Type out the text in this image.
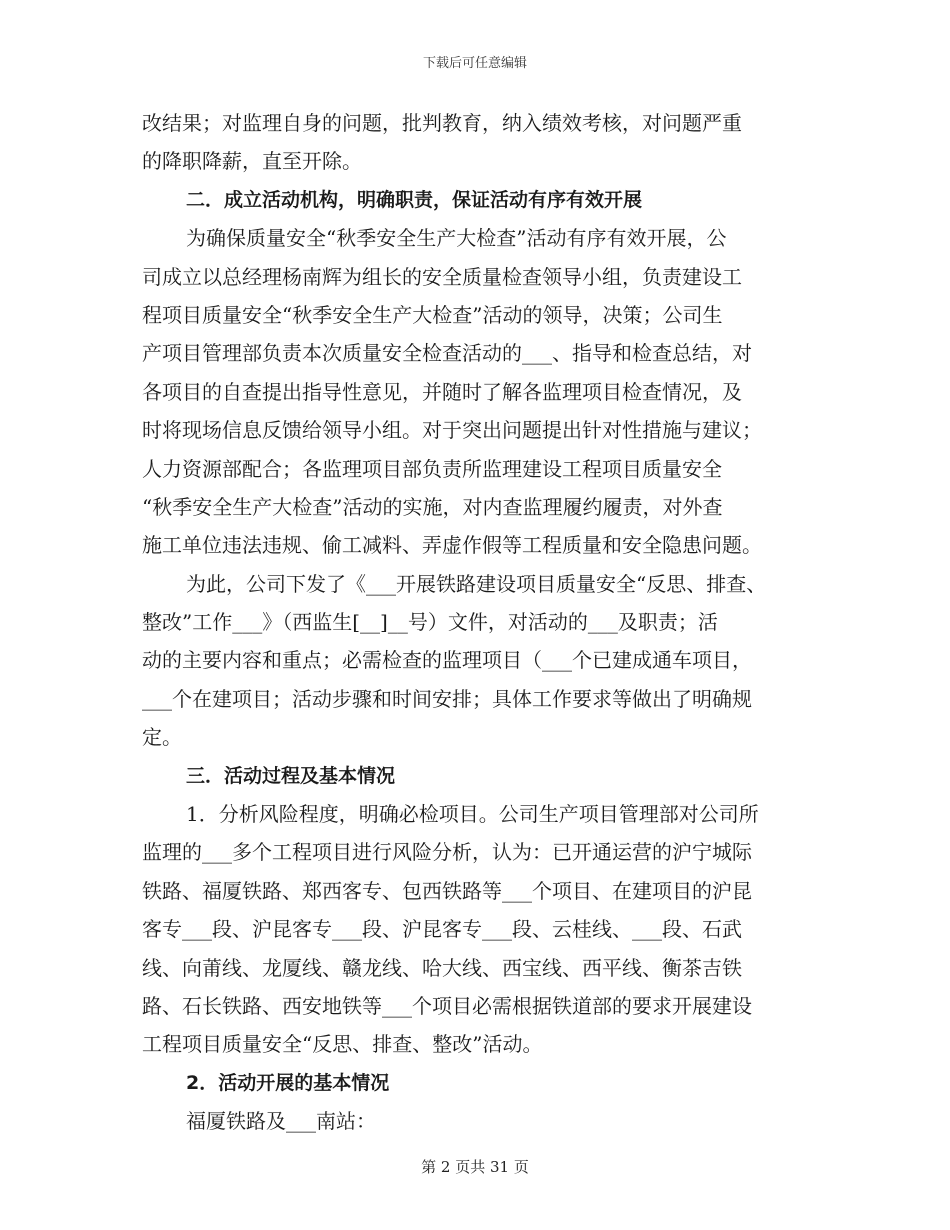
下载后可任意编辑
改结果；对监理自身的问题，批判教育，纳入绩效考核，对问题严重
的降职降薪，直至开除。
二．成立活动机构，明确职责，保证活动有序有效开展
为确保质量安全“秋季安全生产大检查”活动有序有效开展，公
司成立以总经理杨南辉为组长的安全质量检查领导小组，负责建设工
程项目质量安全“秋季安全生产大检查”活动的领导，决策；公司生
产项目管理部负责本次质量安全检查活动的___、指导和检查总结，对
各项目的自查提出指导性意见，并随时了解各监理项目检查情况，及
时将现场信息反馈给领导小组。对于突出问题提出针对性措施与建议；
人力资源部配合；各监理项目部负责所监理建设工程项目质量安全
“秋季安全生产大检查”活动的实施，对内查监理履约履责，对外查
施工单位违法违规、偷工减料、弄虚作假等工程质量和安全隐患问题。
为此，公司下发了《___开展铁路建设项目质量安全“反思、排查、
整改”工作___》（西监生[__]__号）文件，对活动的___及职责；活
动的主要内容和重点；必需检查的监理项目（___个已建成通车项目，
___个在建项目；活动步骤和时间安排；具体工作要求等做出了明确规
定。
三．活动过程及基本情况
1．分析风险程度，明确必检项目。公司生产项目管理部对公司所
监理的___多个工程项目进行风险分析，认为：已开通运营的沪宁城际
铁路、福厦铁路、郑西客专、包西铁路等___个项目、在建项目的沪昆
客专___段、沪昆客专___段、沪昆客专___段、云桂线、___段、石武
线、向莆线、龙厦线、赣龙线、哈大线、西宝线、西平线、衡茶吉铁
路、石长铁路、西安地铁等___个项目必需根据铁道部的要求开展建设
工程项目质量安全“反思、排查、整改”活动。
2．活动开展的基本情况
福厦铁路及___南站：
第 2 页共 31 页
